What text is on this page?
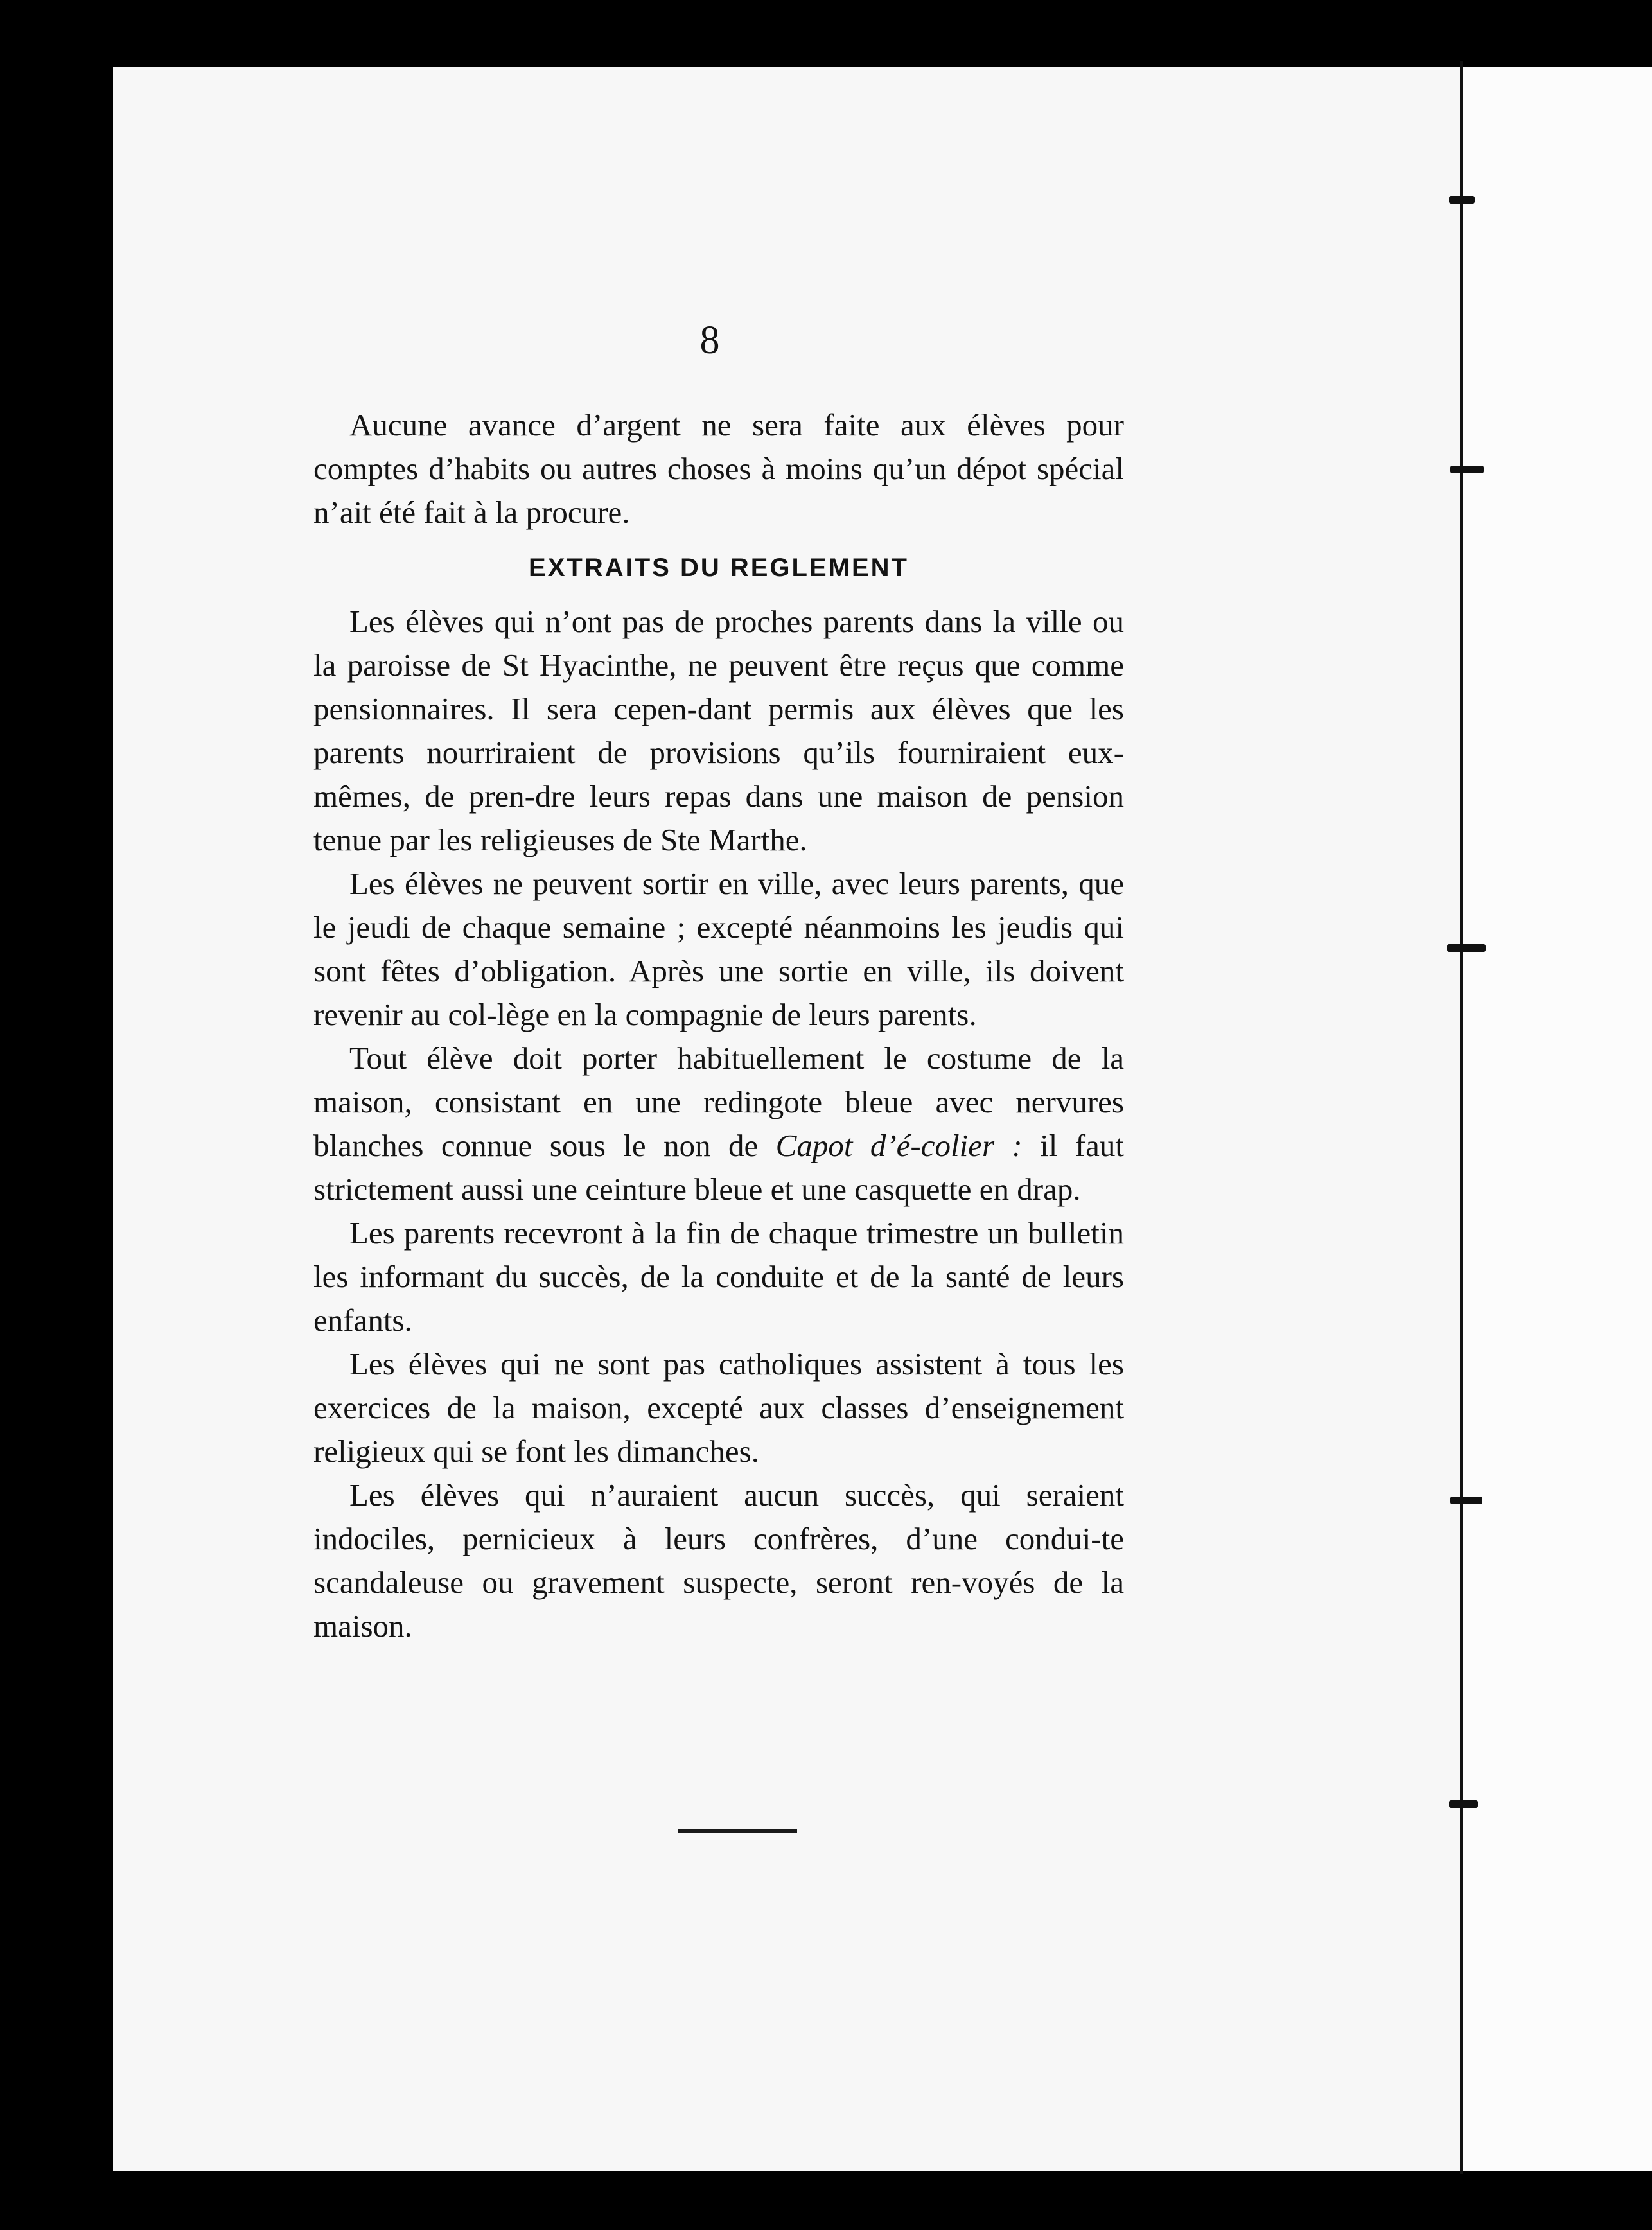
8

Aucune avance d’argent ne sera faite aux élèves pour comptes d’habits ou autres choses à moins qu’un dépot spécial n’ait été fait à la procure.

EXTRAITS DU REGLEMENT

Les élèves qui n’ont pas de proches parents dans la ville ou la paroisse de St Hyacinthe, ne peuvent être reçus que comme pensionnaires. Il sera cepen-dant permis aux élèves que les parents nourriraient de provisions qu’ils fourniraient eux-mêmes, de pren-dre leurs repas dans une maison de pension tenue par les religieuses de Ste Marthe.

Les élèves ne peuvent sortir en ville, avec leurs parents, que le jeudi de chaque semaine ; excepté néanmoins les jeudis qui sont fêtes d’obligation. Après une sortie en ville, ils doivent revenir au col-lège en la compagnie de leurs parents.

Tout élève doit porter habituellement le costume de la maison, consistant en une redingote bleue avec nervures blanches connue sous le non de Capot d’é-colier : il faut strictement aussi une ceinture bleue et une casquette en drap.

Les parents recevront à la fin de chaque trimestre un bulletin les informant du succès, de la conduite et de la santé de leurs enfants.

Les élèves qui ne sont pas catholiques assistent à tous les exercices de la maison, excepté aux classes d’enseignement religieux qui se font les dimanches.

Les élèves qui n’auraient aucun succès, qui seraient indociles, pernicieux à leurs confrères, d’une condui-te scandaleuse ou gravement suspecte, seront ren-voyés de la maison.
